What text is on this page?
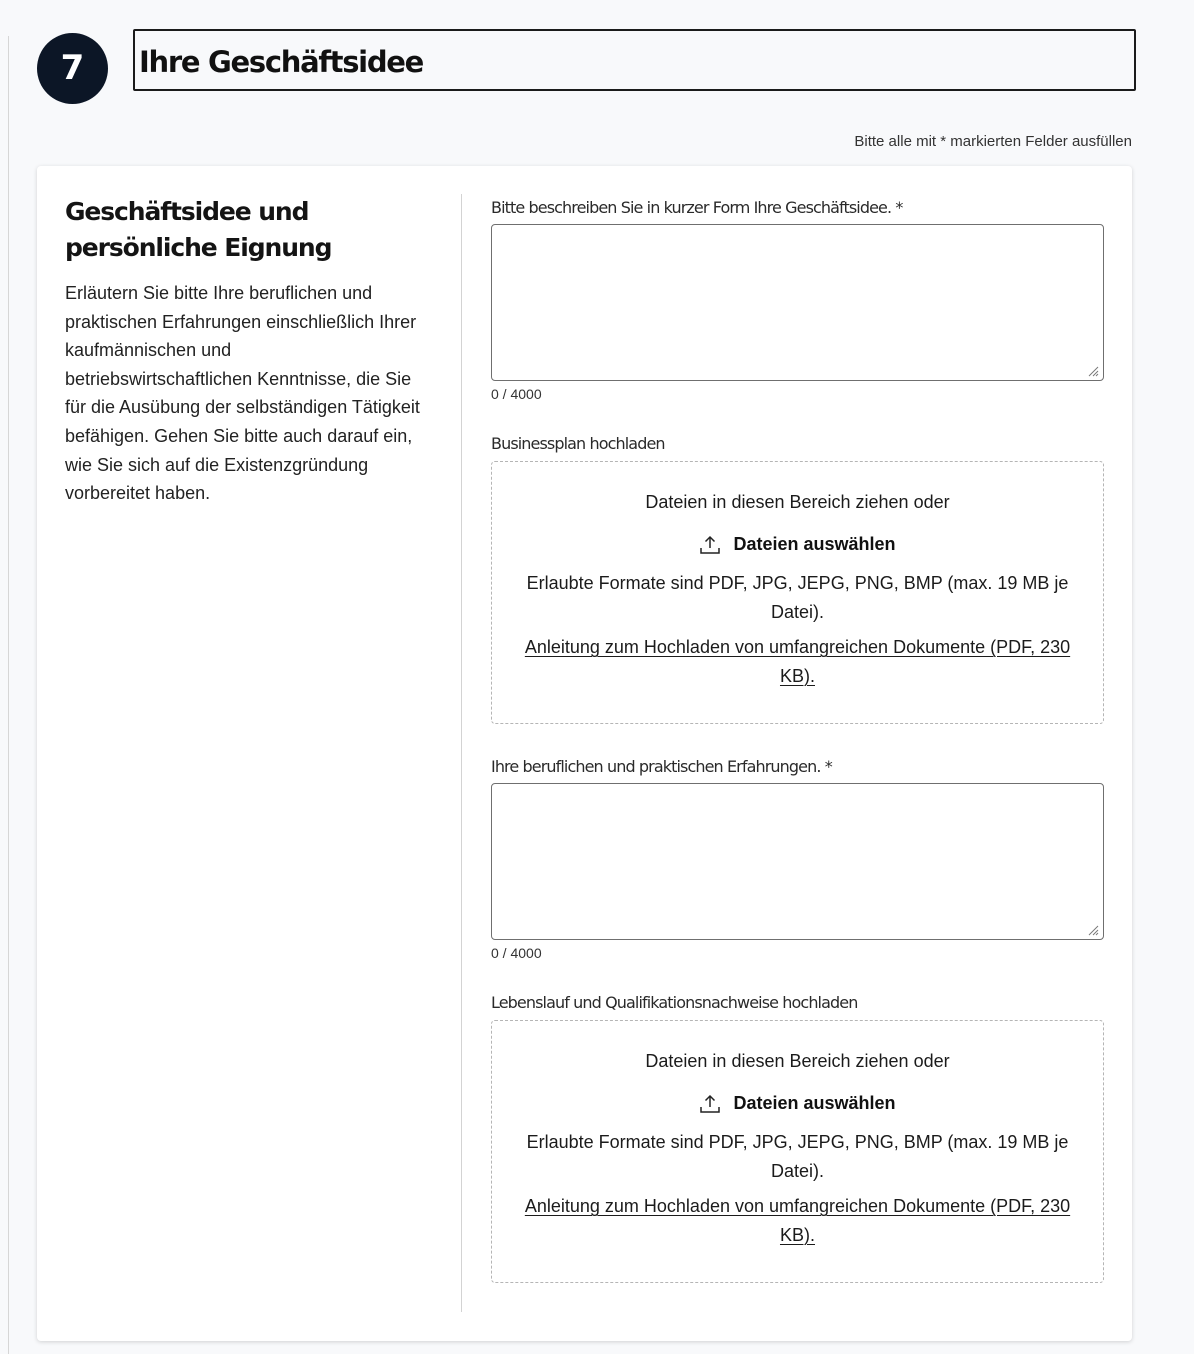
7	Ihre Geschäftsidee
Bitte alle mit * markierten Felder ausfüllen
Geschäftsidee und persönliche Eignung

Erläutern Sie bitte Ihre beruflichen und praktischen Erfahrungen einschließlich Ihrer kaufmännischen und betriebswirtschaftlichen Kenntnisse, die Sie für die Ausübung der selbständigen Tätigkeit befähigen. Gehen Sie bitte auch darauf ein, wie Sie sich auf die Existenzgründung vorbereitet haben.

Bitte beschreiben Sie in kurzer Form Ihre Geschäftsidee. *
0 / 4000
Businessplan hochladen
Dateien in diesen Bereich ziehen oder
Dateien auswählen
Erlaubte Formate sind PDF, JPG, JEPG, PNG, BMP (max. 19 MB je Datei).
Anleitung zum Hochladen von umfangreichen Dokumente (PDF, 230 KB).
Ihre beruflichen und praktischen Erfahrungen. *
0 / 4000
Lebenslauf und Qualifikationsnachweise hochladen
Dateien in diesen Bereich ziehen oder
Dateien auswählen
Erlaubte Formate sind PDF, JPG, JEPG, PNG, BMP (max. 19 MB je Datei).
Anleitung zum Hochladen von umfangreichen Dokumente (PDF, 230 KB).
